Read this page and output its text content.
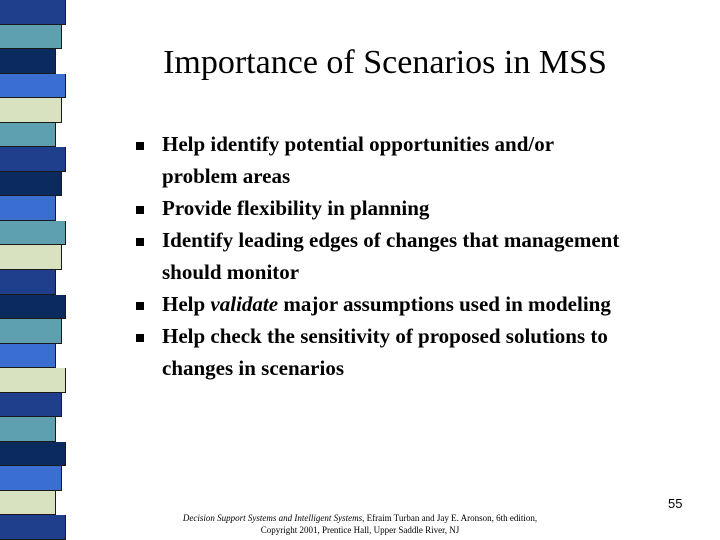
Importance of Scenarios in MSS
Help identify potential opportunities and/or
problem areas
Provide flexibility in planning
Identify leading edges of changes that management
should monitor
Help validate major assumptions used in modeling
Help check the sensitivity of proposed solutions to
changes in scenarios
55
Decision Support Systems and Intelligent Systems, Efraim Turban and Jay E. Aronson, 6th edition,
Copyright 2001, Prentice Hall, Upper Saddle River, NJ
